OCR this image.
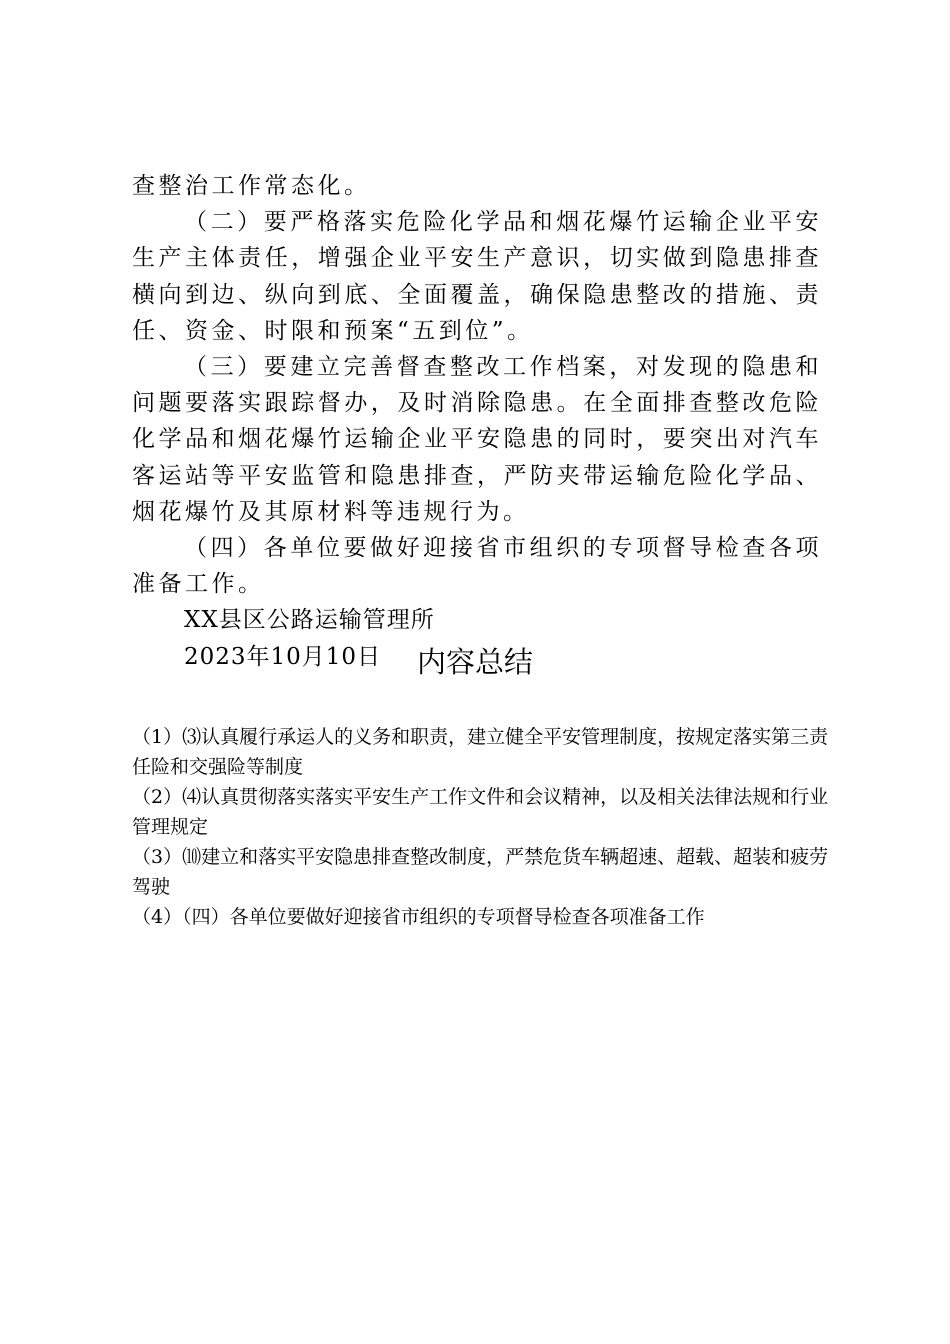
查整治工作常态化。

（二）要严格落实危险化学品和烟花爆竹运输企业平安生产主体责任，增强企业平安生产意识，切实做到隐患排查横向到边、纵向到底、全面覆盖，确保隐患整改的措施、责任、资金、时限和预案“五到位”。

（三）要建立完善督查整改工作档案，对发现的隐患和问题要落实跟踪督办，及时消除隐患。在全面排查整改危险化学品和烟花爆竹运输企业平安隐患的同时，要突出对汽车客运站等平安监管和隐患排查，严防夹带运输危险化学品、烟花爆竹及其原材料等违规行为。

（四）各单位要做好迎接省市组织的专项督导检查各项准备工作。

XX县区公路运输管理所

2023年10月10日	内容总结

（1）⑶认真履行承运人的义务和职责，建立健全平安管理制度，按规定落实第三责任险和交强险等制度

（2）⑷认真贯彻落实落实平安生产工作文件和会议精神，以及相关法律法规和行业管理规定

（3）⑽建立和落实平安隐患排查整改制度，严禁危货车辆超速、超载、超装和疲劳驾驶

（4）（四）各单位要做好迎接省市组织的专项督导检查各项准备工作
